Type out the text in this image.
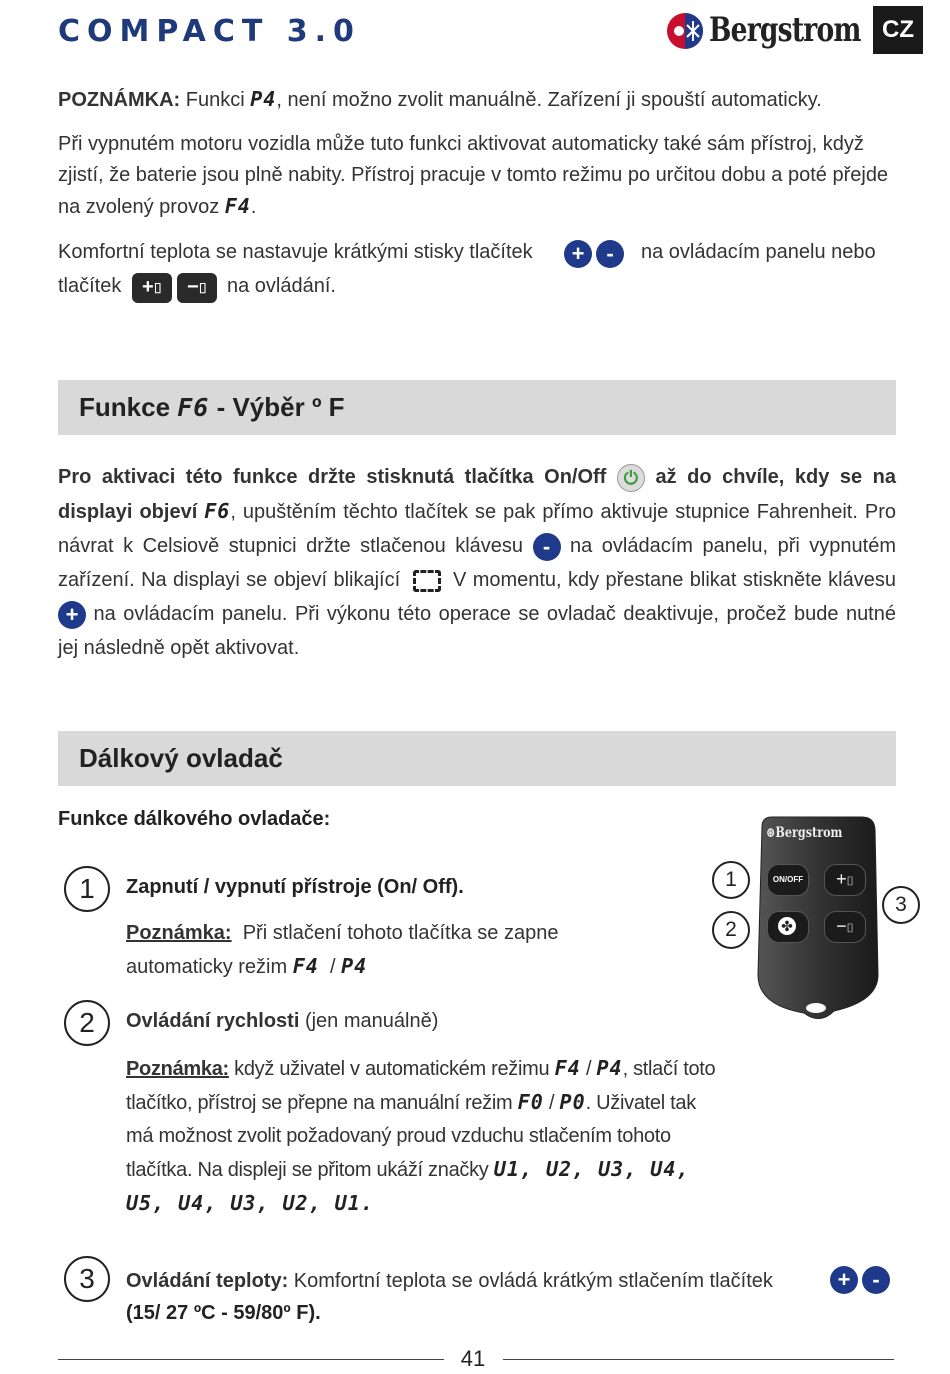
COMPACT 3.0	Bergstrom CZ
POZNÁMKA: Funkci P4, není možno zvolit manuálně. Zařízení ji spouští automaticky.
Při vypnutém motoru vozidla může tuto funkci aktivovat automaticky také sám přístroj, když zjistí, že baterie jsou plně nabity. Přístroj pracuje v tomto režimu po určitou dobu a poté přejde na zvolený provoz F4.
Komfortní teplota se nastavuje krátkými stisky tlačítek	+ -	na ovládacím panelu nebo
tlačítek	+⌷ −⌷ na ovládání.
Funkce F6 - Výběr º F
Pro aktivaci této funkce držte stisknutá tlačítka On/Off ⏻ až do chvíle, kdy se na displayi objeví F6, upuštěním těchto tlačítek se pak přímo aktivuje stupnice Fahrenheit. Pro návrat k Celsiově stupnici držte stlačenou klávesu - na ovládacím panelu, při vypnutém zařízení. Na displayi se objeví blikající	V momentu, kdy přestane blikat stiskněte klávesu + na ovládacím panelu. Při výkonu této operace se ovladač deaktivuje, pročež bude nutné jej následně opět aktivovat.
Dálkový ovladač
Funkce dálkového ovladače:
1	Zapnutí / vypnutí přístroje (On/ Off).
Poznámka: Při stlačení tohoto tlačítka se zapne automaticky režim F4 / P4
2	Ovládání rychlosti (jen manuálně)
Poznámka: když uživatel v automatickém režimu F4 / P4, stlačí toto tlačítko, přístroj se přepne na manuální režim F0 / P0. Uživatel tak má možnost zvolit požadovaný proud vzduchu stlačením tohoto tlačítka. Na displeji se přitom ukáží značky U1, U2, U3, U4, U5, U4, U3, U2, U1.
3	Ovládání teploty: Komfortní teplota se ovládá krátkým stlačením tlačítek	+ -
(15/ 27 ºC - 59/80º F).
⊛Bergstrom
ON/OFF	+⌷
✤	−⌷
1
2
3
41
